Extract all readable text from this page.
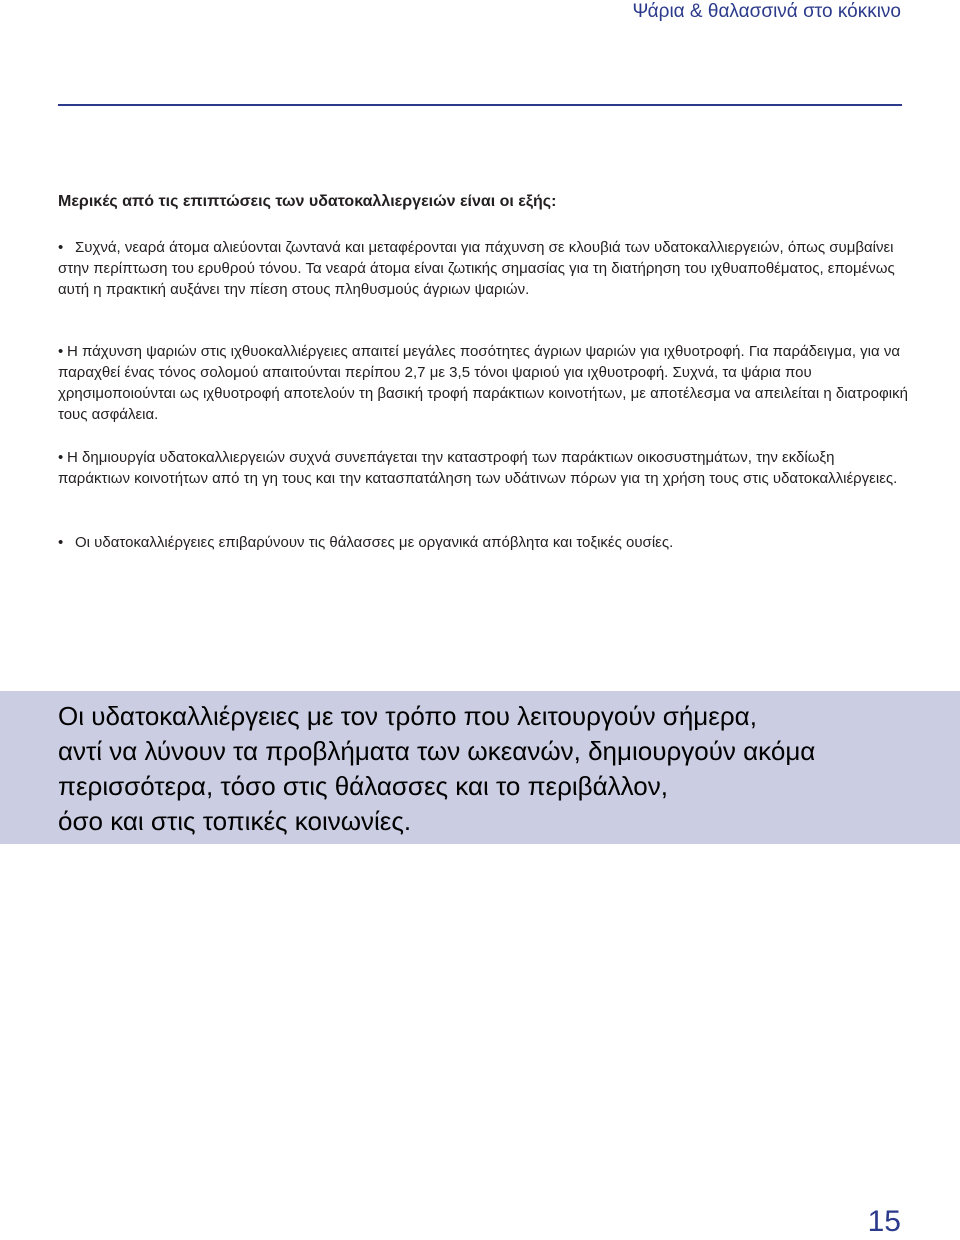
Ψάρια & θαλασσινά στο κόκκινο
Μερικές από τις επιπτώσεις των υδατοκαλλιεργειών είναι οι εξής:
• Συχνά, νεαρά άτομα αλιεύονται ζωντανά και μεταφέρονται για πάχυνση σε κλουβιά των υδατοκαλλιεργειών, όπως συμβαίνει στην περίπτωση του ερυθρού τόνου. Τα νεαρά άτομα είναι ζωτικής σημασίας για τη διατήρηση του ιχθυαποθέματος, επομένως αυτή η πρακτική αυξάνει την πίεση στους πληθυσμούς άγριων ψαριών.
• Η πάχυνση ψαριών στις ιχθυοκαλλιέργειες απαιτεί μεγάλες ποσότητες άγριων ψαριών για ιχθυοτροφή. Για παράδειγμα, για να παραχθεί ένας τόνος σολομού απαιτούνται περίπου 2,7 με 3,5 τόνοι ψαριού για ιχθυοτροφή. Συχνά, τα ψάρια που χρησιμοποιούνται ως ιχθυοτροφή αποτελούν τη βασική τροφή παράκτιων κοινοτήτων, με αποτέλεσμα να απειλείται η διατροφική τους ασφάλεια.
• Η δημιουργία υδατοκαλλιεργειών συχνά συνεπάγεται την καταστροφή των παράκτιων οικοσυστημάτων, την εκδίωξη παράκτιων κοινοτήτων από τη γη τους και την κατασπατάληση των υδάτινων πόρων για τη χρήση τους στις υδατοκαλλιέργειες.
• Οι υδατοκαλλιέργειες επιβαρύνουν τις θάλασσες με οργανικά απόβλητα και τοξικές ουσίες.
Οι υδατοκαλλιέργειες με τον τρόπο που λειτουργούν σήμερα,
αντί να λύνουν τα προβλήματα των ωκεανών, δημιουργούν ακόμα
περισσότερα, τόσο στις θάλασσες και το περιβάλλον,
όσο και στις τοπικές κοινωνίες.
15
